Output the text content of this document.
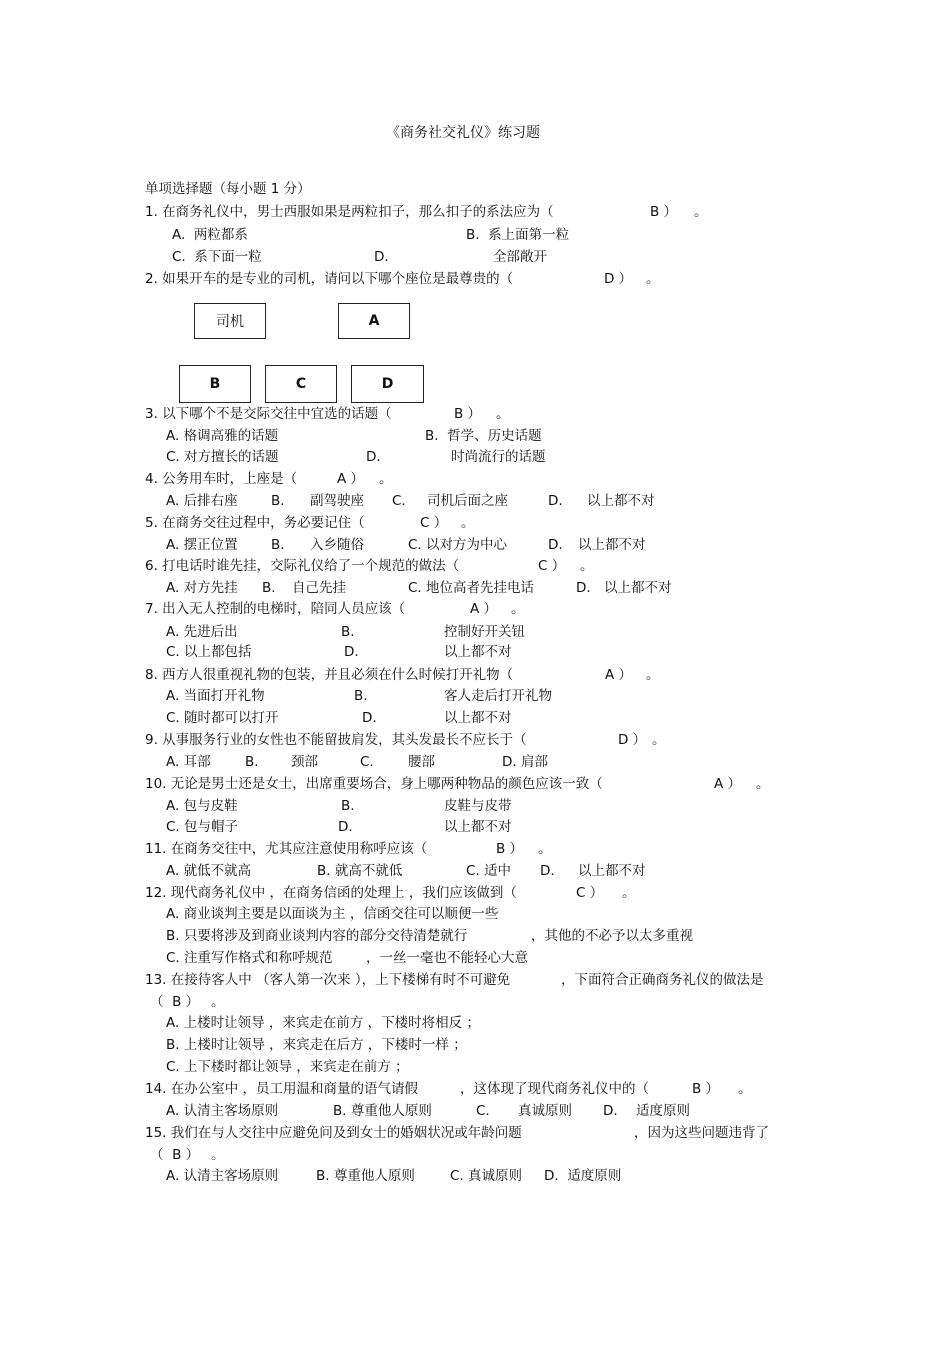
《商务社交礼仪》练习题
单项选择题（每小题 1 分）
1. 在商务礼仪中，男士西服如果是两粒扣子，那么扣子的系法应为（	B ） 。
A.  两粒都系	B.  系上面第一粒
C.  系下面一粒	D.	全部敞开
2. 如果开车的是专业的司机，请问以下哪个座位是最尊贵的（	D ） 。
司机	A
B	C	D
3. 以下哪个不是交际交往中宜选的话题（	B ） 。
A. 格调高雅的话题	B.  哲学、历史话题
C. 对方擅长的话题	D.	时尚流行的话题
4. 公务用车时，上座是（	A ） 。
A. 后排右座 B. 副驾驶座 C. 司机后面之座	D. 以上都不对
5. 在商务交往过程中，务必要记住（	C ） 。
A. 摆正位置 B. 入乡随俗	C. 以对方为中心	D. 以上都不对
6. 打电话时谁先挂，交际礼仪给了一个规范的做法（	C ） 。
A. 对方先挂 B. 自己先挂	C. 地位高者先挂电话	D. 以上都不对
7. 出入无人控制的电梯时，陪同人员应该（	A ） 。
A. 先进后出	B.	控制好开关钮
C. 以上都包括	D.	以上都不对
8. 西方人很重视礼物的包装，并且必须在什么时候打开礼物（	A ） 。
A. 当面打开礼物	B.	客人走后打开礼物
C. 随时都可以打开	D.	以上都不对
9. 从事服务行业的女性也不能留披肩发，其头发最长不应长于（	D ） 。
A. 耳部	B. 颈部	C.	腰部	D. 肩部
10. 无论是男士还是女士，出席重要场合，身上哪两种物品的颜色应该一致（	A ） 。
A. 包与皮鞋	B.	皮鞋与皮带
C. 包与帽子	D.	以上都不对
11. 在商务交往中，尤其应注意使用称呼应该（	B ） 。
A. 就低不就高	B. 就高不就低	C. 适中 D. 以上都不对
12. 现代商务礼仪中 ，在商务信函的处理上 ，我们应该做到（	C ） 。
A. 商业谈判主要是以面谈为主 ，信函交往可以顺便一些
B. 只要将涉及到商业谈判内容的部分交待清楚就行	，其他的不必予以太多重视
C. 注重写作格式和称呼规范 ，一丝一毫也不能轻心大意
13. 在接待客人中 （客人第一次来 ），上下楼梯有时不可避免	，下面符合正确商务礼仪的做法是
（  B ） 。
A. 上楼时让领导 ，来宾走在前方 ，下楼时将相反 ；
B. 上楼时让领导 ，来宾走在后方 ，下楼时一样 ；
C. 上下楼时都让领导 ，来宾走在前方 ；
14. 在办公室中 ，员工用温和商量的语气请假	，这体现了现代商务礼仪中的（	B ） 。
A. 认清主客场原则	B. 尊重他人原则	C. 真诚原则 D. 适度原则
15. 我们在与人交往中应避免问及到女士的婚姻状况或年龄问题	，因为这些问题违背了
（  B ） 。
A. 认清主客场原则	B. 尊重他人原则	C. 真诚原则 D.  适度原则
